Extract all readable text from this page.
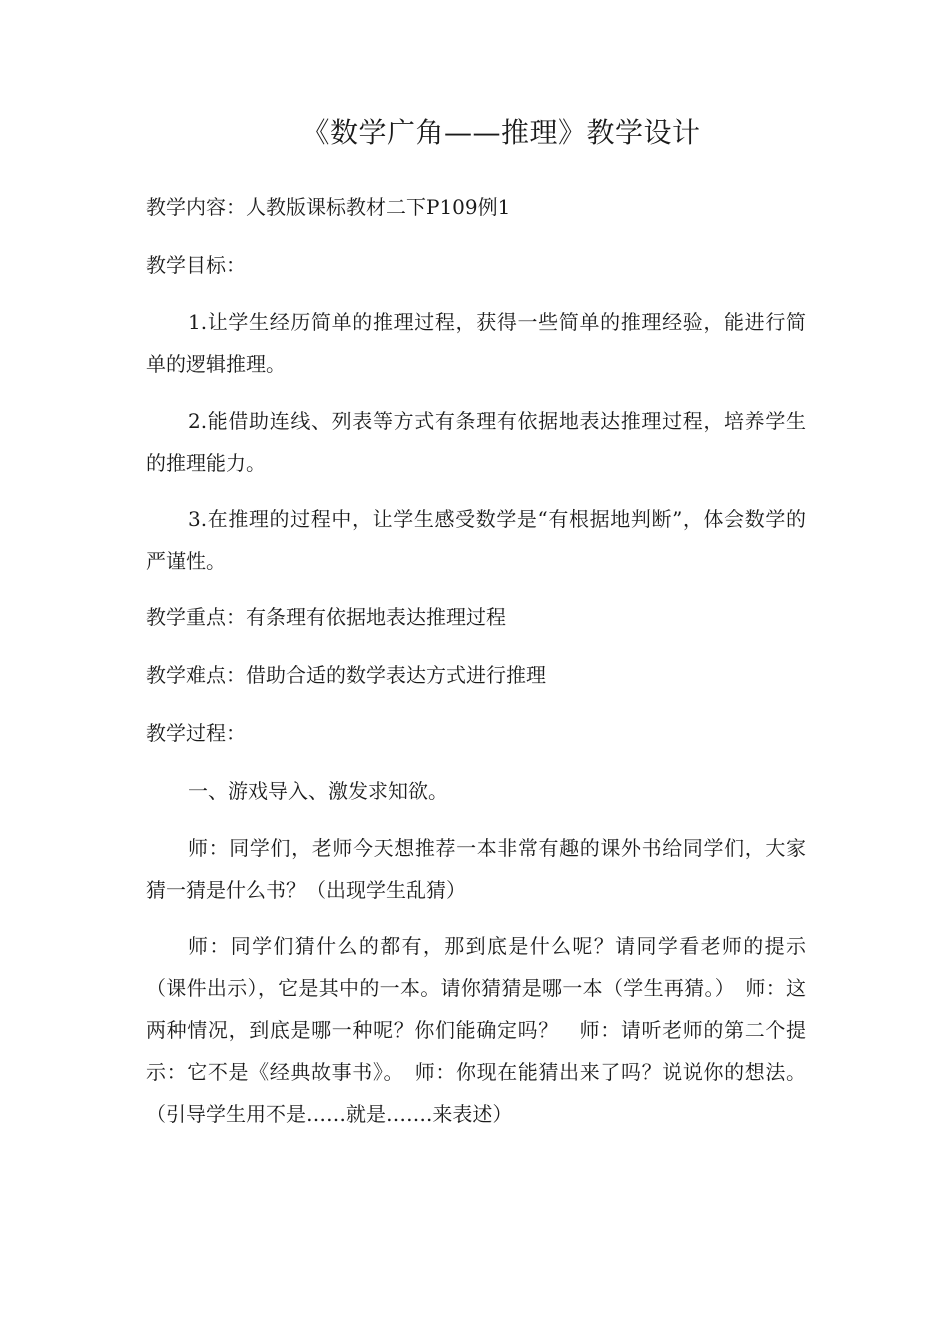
《数学广角——推理》教学设计
教学内容：人教版课标教材二下P109例1
教学目标：
1.让学生经历简单的推理过程，获得一些简单的推理经验，能进行简单的逻辑推理。
2.能借助连线、列表等方式有条理有依据地表达推理过程，培养学生的推理能力。
3.在推理的过程中，让学生感受数学是“有根据地判断”，体会数学的严谨性。
教学重点：有条理有依据地表达推理过程
教学难点：借助合适的数学表达方式进行推理
教学过程：
一、游戏导入、激发求知欲。
师：同学们，老师今天想推荐一本非常有趣的课外书给同学们，大家猜一猜是什么书？（出现学生乱猜）
师：同学们猜什么的都有，那到底是什么呢？请同学看老师的提示（课件出示），它是其中的一本。请你猜猜是哪一本（学生再猜。）　师：这两种情况，到底是哪一种呢？你们能确定吗？　师：请听老师的第二个提示：它不是《经典故事书》。　师：你现在能猜出来了吗？说说你的想法。（引导学生用不是……就是…….来表述）
